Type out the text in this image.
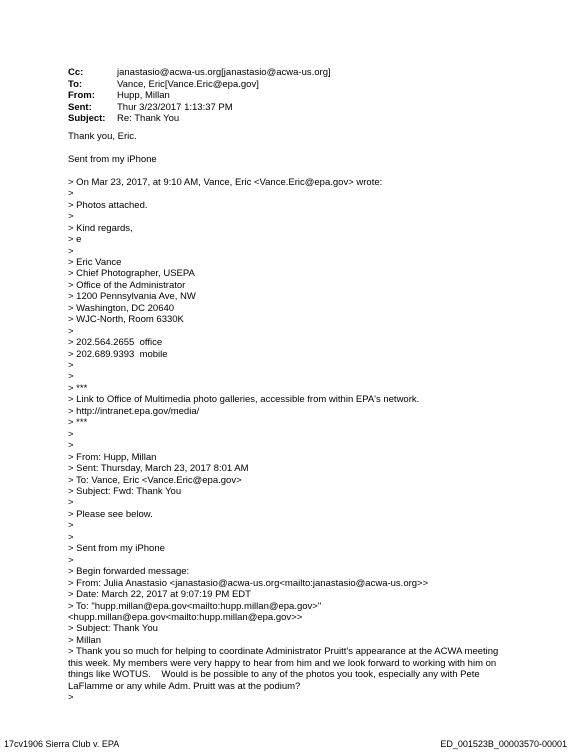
Cc:	janastasio@acwa-us.org[janastasio@acwa-us.org]
To:	Vance, Eric[Vance.Eric@epa.gov]
From:	Hupp, Millan
Sent:	Thur 3/23/2017 1:13:37 PM
Subject:	Re: Thank You
Thank you, Eric.
Sent from my iPhone
> On Mar 23, 2017, at 9:10 AM, Vance, Eric <Vance.Eric@epa.gov> wrote:
>
> Photos attached.
>
> Kind regards,
> e
>
> Eric Vance
> Chief Photographer, USEPA
> Office of the Administrator
> 1200 Pennsylvania Ave, NW
> Washington, DC 20640
> WJC-North, Room 6330K
>
> 202.564.2655  office
> 202.689.9393  mobile
>
>
> ***
> Link to Office of Multimedia photo galleries, accessible from within EPA's network.
> http://intranet.epa.gov/media/
> ***
>
>
> From: Hupp, Millan
> Sent: Thursday, March 23, 2017 8:01 AM
> To: Vance, Eric <Vance.Eric@epa.gov>
> Subject: Fwd: Thank You
>
> Please see below.
>
>
> Sent from my iPhone
>
> Begin forwarded message:
> From: Julia Anastasio <janastasio@acwa-us.org<mailto:janastasio@acwa-us.org>>
> Date: March 22, 2017 at 9:07:19 PM EDT
> To: "hupp.millan@epa.gov<mailto:hupp.millan@epa.gov>"
<hupp.millan@epa.gov<mailto:hupp.millan@epa.gov>>
> Subject: Thank You
> Millan
> Thank you so much for helping to coordinate Administrator Pruitt's appearance at the ACWA meeting
this week. My members were very happy to hear from him and we look forward to working with him on
things like WOTUS.    Would is be possible to any of the photos you took, especially any with Pete
LaFlamme or any while Adm. Pruitt was at the podium?
>
17cv1906 Sierra Club v. EPA	ED_001523B_00003570-00001
